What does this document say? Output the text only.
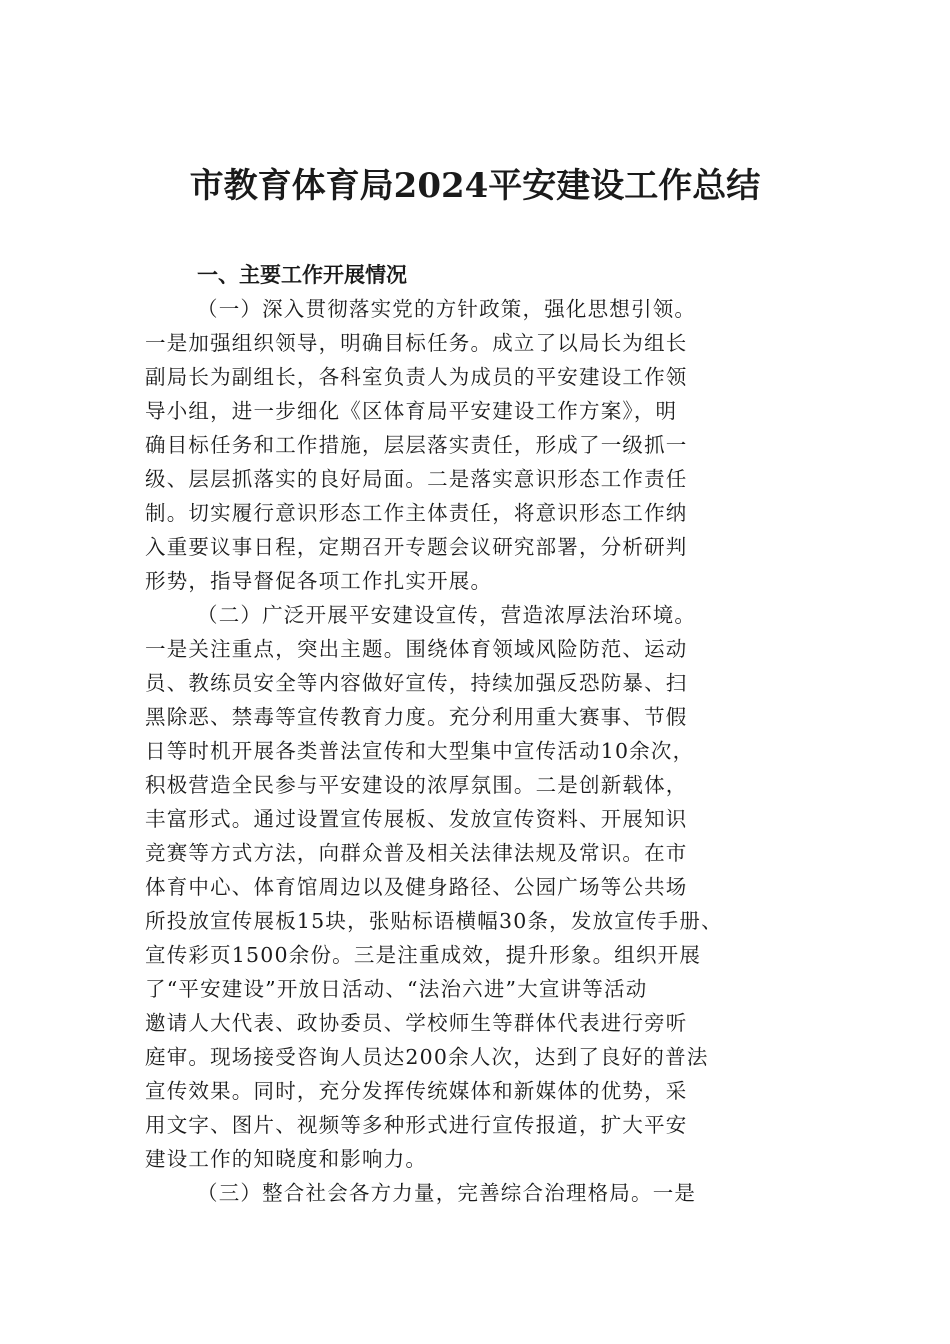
市教育体育局2024平安建设工作总结
一、主要工作开展情况
（一）深入贯彻落实党的方针政策，强化思想引领。
一是加强组织领导，明确目标任务。成立了以局长为组长
副局长为副组长，各科室负责人为成员的平安建设工作领
导小组，进一步细化《区体育局平安建设工作方案》，明
确目标任务和工作措施，层层落实责任，形成了一级抓一
级、层层抓落实的良好局面。二是落实意识形态工作责任
制。切实履行意识形态工作主体责任，将意识形态工作纳
入重要议事日程，定期召开专题会议研究部署，分析研判
形势，指导督促各项工作扎实开展。
（二）广泛开展平安建设宣传，营造浓厚法治环境。
一是关注重点，突出主题。围绕体育领域风险防范、运动
员、教练员安全等内容做好宣传，持续加强反恐防暴、扫
黑除恶、禁毒等宣传教育力度。充分利用重大赛事、节假
日等时机开展各类普法宣传和大型集中宣传活动10余次，
积极营造全民参与平安建设的浓厚氛围。二是创新载体，
丰富形式。通过设置宣传展板、发放宣传资料、开展知识
竞赛等方式方法，向群众普及相关法律法规及常识。在市
体育中心、体育馆周边以及健身路径、公园广场等公共场
所投放宣传展板15块，张贴标语横幅30条，发放宣传手册、
宣传彩页1500余份。三是注重成效，提升形象。组织开展
了“平安建设”开放日活动、“法治六进”大宣讲等活动
邀请人大代表、政协委员、学校师生等群体代表进行旁听
庭审。现场接受咨询人员达200余人次，达到了良好的普法
宣传效果。同时，充分发挥传统媒体和新媒体的优势，采
用文字、图片、视频等多种形式进行宣传报道，扩大平安
建设工作的知晓度和影响力。
（三）整合社会各方力量，完善综合治理格局。一是
